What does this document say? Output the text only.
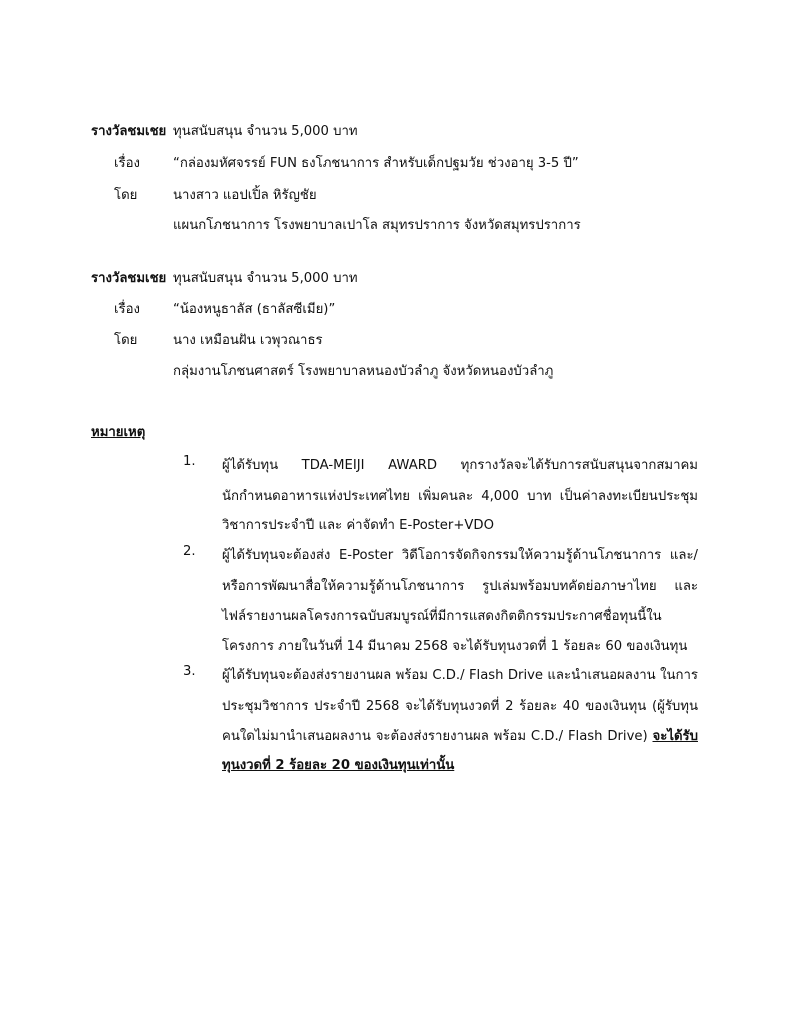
รางวัลชมเชย ทุนสนับสนุน จำนวน 5,000 บาท
เรื่อง	“กล่องมหัศจรรย์ FUN ธงโภชนาการ สำหรับเด็กปฐมวัย ช่วงอายุ 3-5 ปี”
โดย	นางสาว แอปเปิ้ล หิรัญชัย
แผนกโภชนาการ โรงพยาบาลเปาโล สมุทรปราการ จังหวัดสมุทรปราการ
รางวัลชมเชย ทุนสนับสนุน จำนวน 5,000 บาท
เรื่อง	“น้องหนูธาลัส (ธาลัสซีเมีย)”
โดย	นาง เหมือนฝัน เวพุวณาธร
กลุ่มงานโภชนศาสตร์ โรงพยาบาลหนองบัวลำภู จังหวัดหนองบัวลำภู
หมายเหตุ
1. ผู้ได้รับทุน TDA-MEIJI AWARD ทุกรางวัลจะได้รับการสนับสนุนจากสมาคม
นักกำหนดอาหารแห่งประเทศไทย เพิ่มคนละ 4,000 บาท เป็นค่าลงทะเบียนประชุม
วิชาการประจำปี และ ค่าจัดทำ E-Poster+VDO
2. ผู้ได้รับทุนจะต้องส่ง E-Poster วิดีโอการจัดกิจกรรมให้ความรู้ด้านโภชนาการ และ/
หรือการพัฒนาสื่อให้ความรู้ด้านโภชนาการ รูปเล่มพร้อมบทคัดย่อภาษาไทย และ
ไฟล์รายงานผลโครงการฉบับสมบูรณ์ที่มีการแสดงกิตติกรรมประกาศชื่อทุนนี้ใน
โครงการ ภายในวันที่ 14 มีนาคม 2568 จะได้รับทุนงวดที่ 1 ร้อยละ 60 ของเงินทุน
3. ผู้ได้รับทุนจะต้องส่งรายงานผล พร้อม C.D./ Flash Drive และนำเสนอผลงาน ในการ
ประชุมวิชาการ ประจำปี 2568 จะได้รับทุนงวดที่ 2 ร้อยละ 40 ของเงินทุน (ผู้รับทุน
คนใดไม่มานำเสนอผลงาน จะต้องส่งรายงานผล พร้อม C.D./ Flash Drive) จะได้รับ
ทุนงวดที่ 2 ร้อยละ 20 ของเงินทุนเท่านั้น
